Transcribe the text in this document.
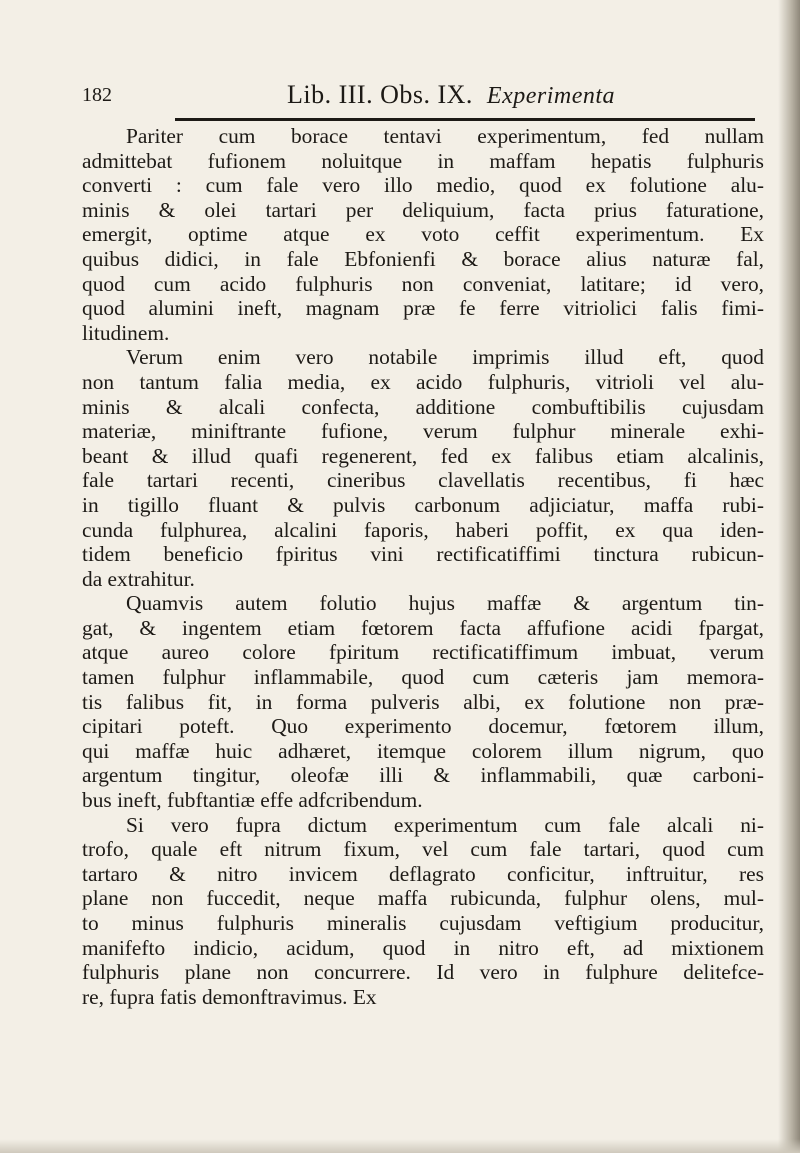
182	Lib. III. Obs. IX. Experimenta
Pariter cum borace tentavi experimentum, fed nullam
admittebat fufionem noluitque in maffam hepatis fulphuris
converti : cum fale vero illo medio, quod ex folutione alu-
minis & olei tartari per deliquium, facta prius faturatione,
emergit, optime atque ex voto ceffit experimentum. Ex
quibus didici, in fale Ebfonienfi & borace alius naturæ fal,
quod cum acido fulphuris non conveniat, latitare; id vero,
quod alumini ineft, magnam præ fe ferre vitriolici falis fimi-
litudinem.
Verum enim vero notabile imprimis illud eft, quod
non tantum falia media, ex acido fulphuris, vitrioli vel alu-
minis & alcali confecta, additione combuftibilis cujusdam
materiæ, miniftrante fufione, verum fulphur minerale exhi-
beant & illud quafi regenerent, fed ex falibus etiam alcalinis,
fale tartari recenti, cineribus clavellatis recentibus, fi hæc
in tigillo fluant & pulvis carbonum adjiciatur, maffa rubi-
cunda fulphurea, alcalini faporis, haberi poffit, ex qua iden-
tidem beneficio fpiritus vini rectificatiffimi tinctura rubicun-
da extrahitur.
Quamvis autem folutio hujus maffæ & argentum tin-
gat, & ingentem etiam fœtorem facta affufione acidi fpargat,
atque aureo colore fpiritum rectificatiffimum imbuat, verum
tamen fulphur inflammabile, quod cum cæteris jam memora-
tis falibus fit, in forma pulveris albi, ex folutione non præ-
cipitari poteft. Quo experimento docemur, fœtorem illum,
qui maffæ huic adhæret, itemque colorem illum nigrum, quo
argentum tingitur, oleofæ illi & inflammabili, quæ carboni-
bus ineft, fubftantiæ effe adfcribendum.
Si vero fupra dictum experimentum cum fale alcali ni-
trofo, quale eft nitrum fixum, vel cum fale tartari, quod cum
tartaro & nitro invicem deflagrato conficitur, inftruitur, res
plane non fuccedit, neque maffa rubicunda, fulphur olens, mul-
to minus fulphuris mineralis cujusdam veftigium producitur,
manifefto indicio, acidum, quod in nitro eft, ad mixtionem
fulphuris plane non concurrere. Id vero in fulphure delitefce-
re, fupra fatis demonftravimus. Ex
